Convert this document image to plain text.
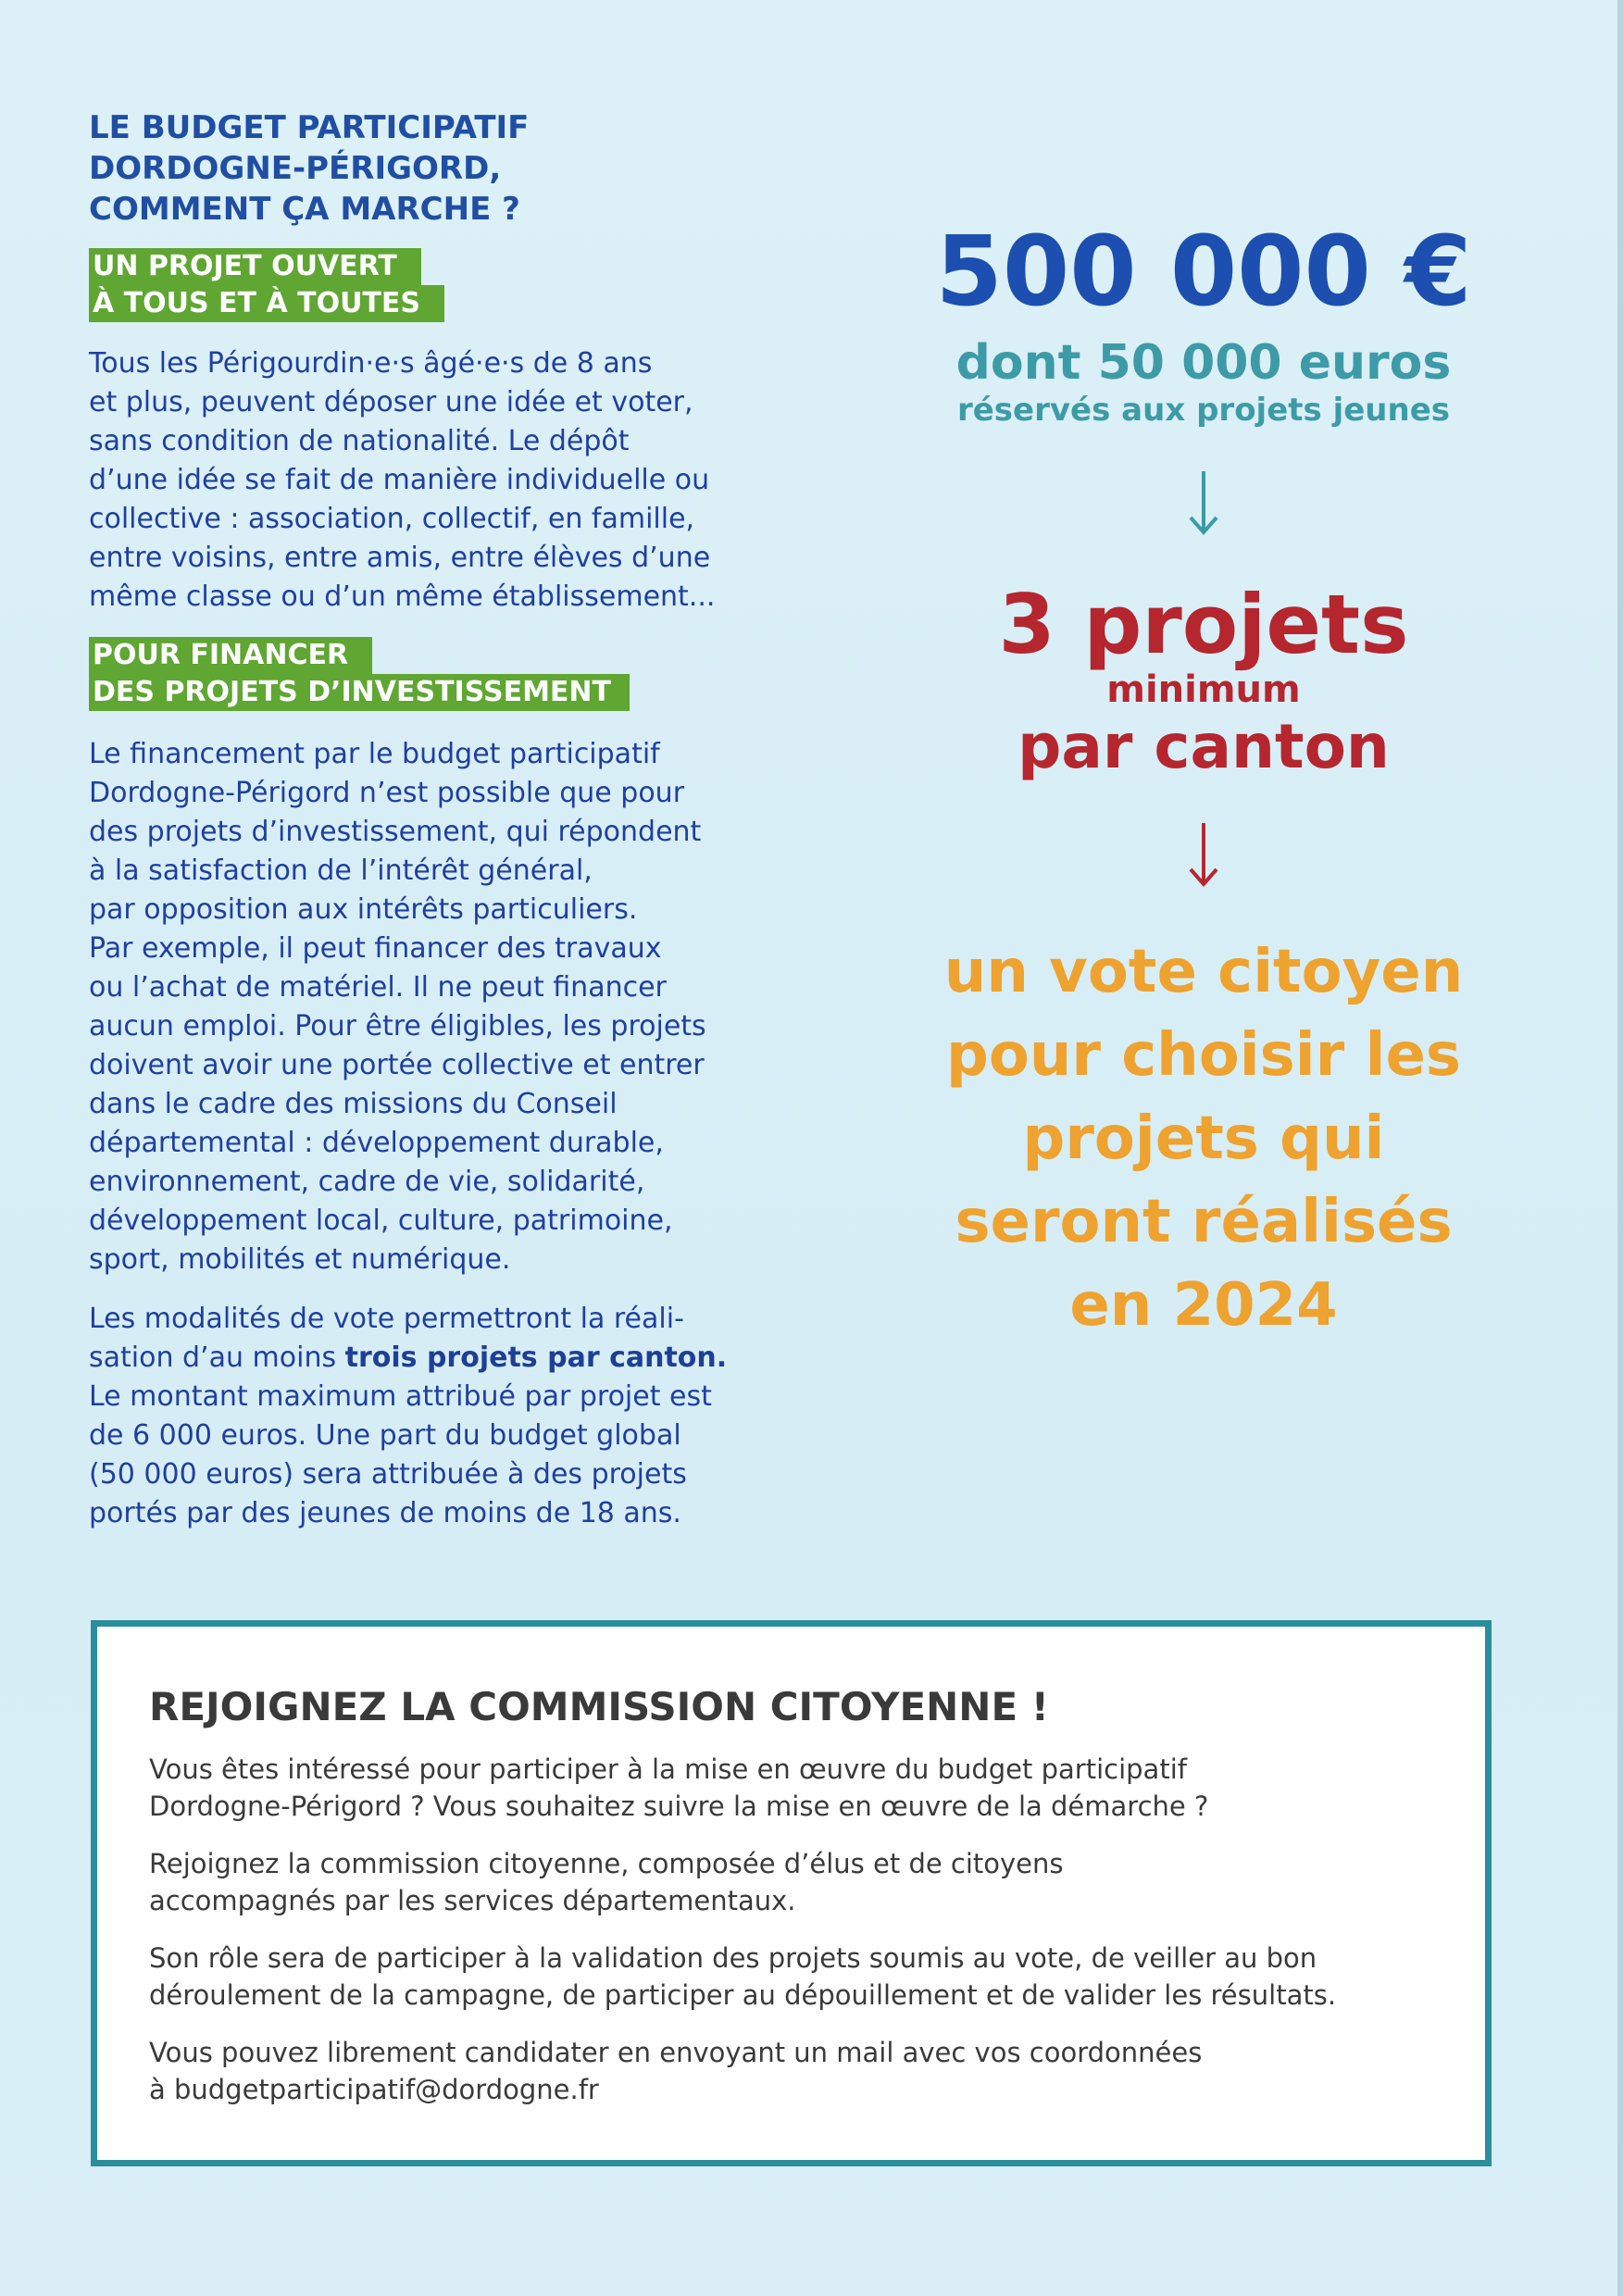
LE BUDGET PARTICIPATIF
DORDOGNE-PÉRIGORD,
COMMENT ÇA MARCHE ?
UN PROJET OUVERT
À TOUS ET À TOUTES

Tous les Périgourdin·e·s âgé·e·s de 8 ans
et plus, peuvent déposer une idée et voter,
sans condition de nationalité. Le dépôt
d’une idée se fait de manière individuelle ou
collective : association, collectif, en famille,
entre voisins, entre amis, entre élèves d’une
même classe ou d’un même établissement...

POUR FINANCER
DES PROJETS D’INVESTISSEMENT

Le financement par le budget participatif
Dordogne-Périgord n’est possible que pour
des projets d’investissement, qui répondent
à la satisfaction de l’intérêt général,
par opposition aux intérêts particuliers.
Par exemple, il peut financer des travaux
ou l’achat de matériel. Il ne peut financer
aucun emploi. Pour être éligibles, les projets
doivent avoir une portée collective et entrer
dans le cadre des missions du Conseil
départemental : développement durable,
environnement, cadre de vie, solidarité,
développement local, culture, patrimoine,
sport, mobilités et numérique.

Les modalités de vote permettront la réali-
sation d’au moins trois projets par canton.
Le montant maximum attribué par projet est
de 6 000 euros. Une part du budget global
(50 000 euros) sera attribuée à des projets
portés par des jeunes de moins de 18 ans.

500 000 €
dont 50 000 euros
réservés aux projets jeunes
3 projets
minimum
par canton
un vote citoyen
pour choisir les
projets qui
seront réalisés
en 2024
REJOIGNEZ LA COMMISSION CITOYENNE !

Vous êtes intéressé pour participer à la mise en œuvre du budget participatif
Dordogne-Périgord ? Vous souhaitez suivre la mise en œuvre de la démarche ?

Rejoignez la commission citoyenne, composée d’élus et de citoyens
accompagnés par les services départementaux.

Son rôle sera de participer à la validation des projets soumis au vote, de veiller au bon
déroulement de la campagne, de participer au dépouillement et de valider les résultats.

Vous pouvez librement candidater en envoyant un mail avec vos coordonnées
à budgetparticipatif@dordogne.fr
